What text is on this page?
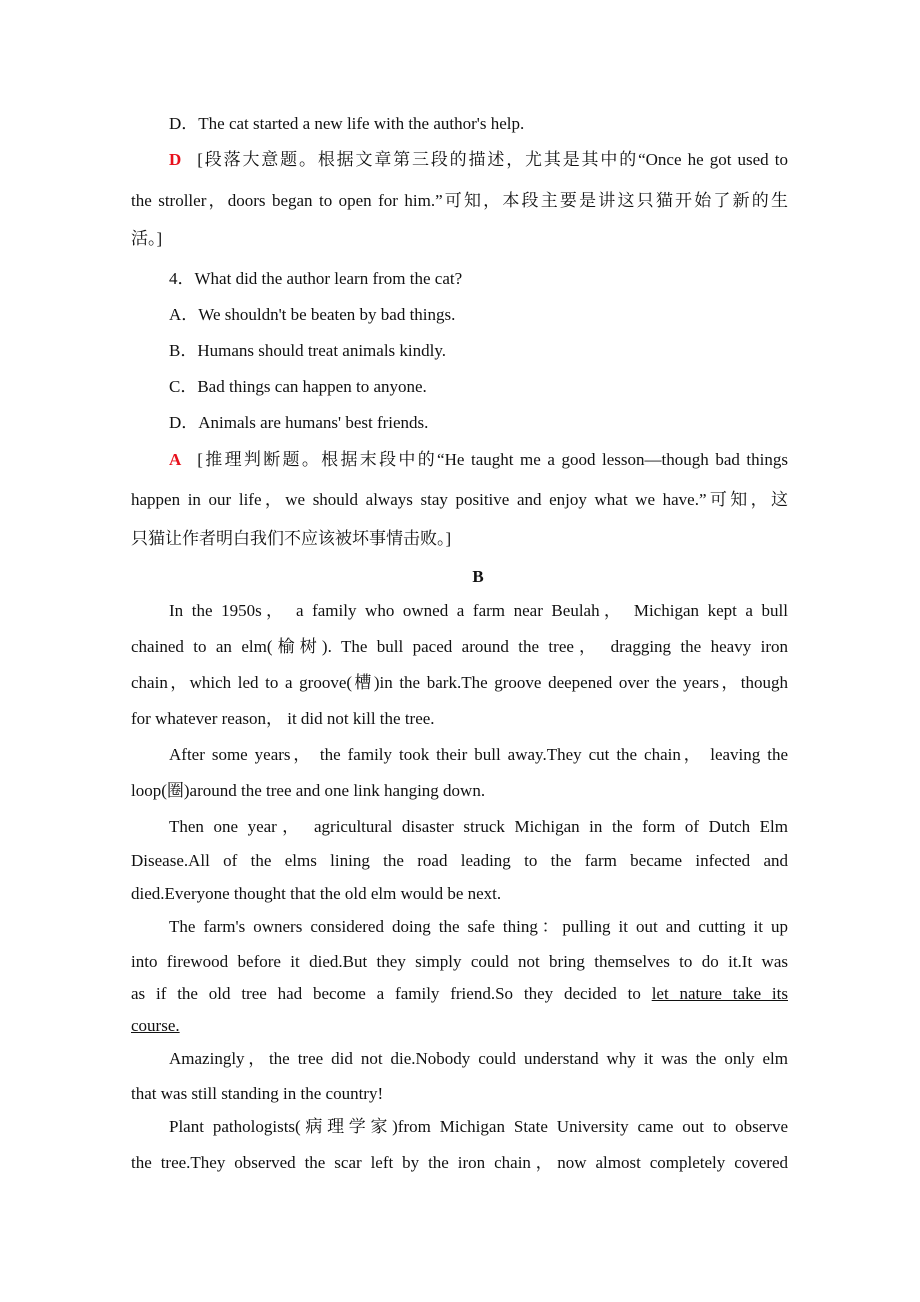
D．The cat started a new life with the author's help.
D [段落大意题。根据文章第三段的描述，尤其是其中的“Once he got used to
the stroller，doors began to open for him.”可知，本段主要是讲这只猫开始了新的生
活。]
4．What did the author learn from the cat?
A．We shouldn't be beaten by bad things.
B．Humans should treat animals kindly.
C．Bad things can happen to anyone.
D．Animals are humans' best friends.
A [推理判断题。根据末段中的“He taught me a good lesson—though bad things
happen in our life，we should always stay positive and enjoy what we have.”可知，这
只猫让作者明白我们不应该被坏事情击败。]
B
In the 1950s， a family who owned a farm near Beulah， Michigan kept a bull
chained to an elm(榆树). The bull paced around the tree， dragging the heavy iron
chain，which led to a groove(槽)in the bark.The groove deepened over the years，though
for whatever reason， it did not kill the tree.
After some years， the family took their bull away.They cut the chain， leaving the
loop(圈)around the tree and one link hanging down.
Then one year， agricultural disaster struck Michigan in the form of Dutch Elm
Disease.All of the elms lining the road leading to the farm became infected and
died.Everyone thought that the old elm would be next.
The farm's owners considered doing the safe thing：pulling it out and cutting it up
into firewood before it died.But they simply could not bring themselves to do it.It was
as if the old tree had become a family friend.So they decided to let nature take its
course.
Amazingly，the tree did not die.Nobody could understand why it was the only elm
that was still standing in the country!
Plant pathologists(病理学家)from Michigan State University came out to observe
the tree.They observed the scar left by the iron chain，now almost completely covered
